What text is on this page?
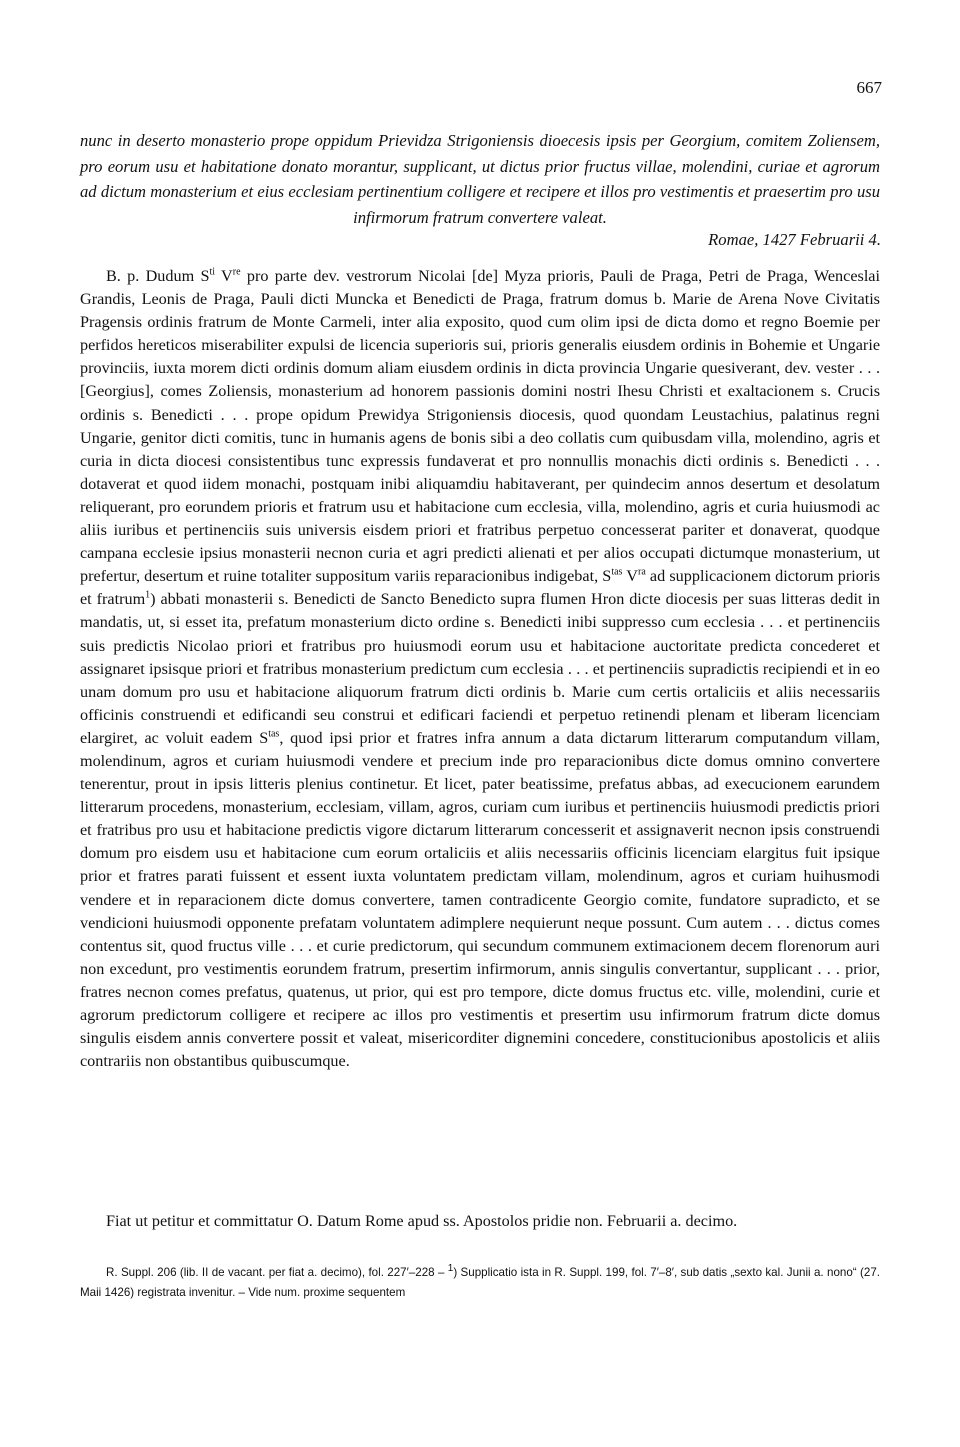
667

nunc in deserto monasterio prope oppidum Prievidza Strigoniensis dioecesis ipsis per Georgium, comitem Zoliensem, pro eorum usu et habitatione donato morantur, supplicant, ut dictus prior fructus villae, molendini, curiae et agrorum ad dictum monasterium et eius ecclesiam pertinentium colligere et recipere et illos pro vestimentis et praesertim pro usu infirmorum fratrum convertere valeat.

Romae, 1427 Februarii 4.

B. p. Dudum $S^{ti}$ Vre pro parte dev. vestrorum Nicolai [de] Myza prioris, Pauli de Praga, Petri de Praga, Wenceslai Grandis, Leonis de Praga, Pauli dicti Muncka et Benedicti de Praga, fratrum domus b. Marie de Arena Nove Civitatis Pragensis ordinis fratrum de Monte Carmeli, inter alia exposito, quod cum olim ipsi de dicta domo et regno Boemie per perfidos hereticos miserabiliter expulsi de licencia superioris sui, prioris generalis eiusdem ordinis in Bohemie et Ungarie provinciis, iuxta morem dicti ordinis domum aliam eiusdem ordinis in dicta provincia Ungarie quesiverant, dev. vester . . . [Georgius], comes Zoliensis, monasterium ad honorem passionis domini nostri Ihesu Christi et exaltacionem s. Crucis ordinis s. Benedicti . . . prope opidum Prewidya Strigoniensis diocesis, quod quondam Leustachius, palatinus regni Ungarie, genitor dicti comitis, tunc in humanis agens de bonis sibi a deo collatis cum quibusdam villa, molendino, agris et curia in dicta diocesi consistentibus tunc expressis fundaverat et pro nonnullis monachis dicti ordinis s. Benedicti . . . dotaverat et quod iidem monachi, postquam inibi aliquamdiu habitaverant, per quindecim annos desertum et desolatum reliquerant, pro eorundem prioris et fratrum usu et habitacione cum ecclesia, villa, molendino, agris et curia huiusmodi ac aliis iuribus et pertinenciis suis universis eisdem priori et fratribus perpetuo concesserat pariter et donaverat, quodque campana ecclesie ipsius monasterii necnon curia et agri predicti alienati et per alios occupati dictumque monasterium, ut prefertur, desertum et ruine totaliter suppositum variis reparacionibus indigebat, $S^{tas}$ $V^{ra}$ ad supplicacionem dictorum prioris et fratrum$^1$) abbati monasterii s. Benedicti de Sancto Benedicto supra flumen Hron dicte diocesis per suas litteras dedit in mandatis, ut, si esset ita, prefatum monasterium dicto ordine s. Benedicti inibi suppresso cum ecclesia . . . et pertinenciis suis predictis Nicolao priori et fratribus pro huiusmodi eorum usu et habitacione auctoritate predicta concederet et assignaret ipsisque priori et fratribus monasterium predictum cum ecclesia . . . et pertinenciis supradictis recipiendi et in eo unam domum pro usu et habitacione aliquorum fratrum dicti ordinis b. Marie cum certis ortaliciis et aliis necessariis officinis construendi et edificandi seu construi et edificari faciendi et perpetuo retinendi plenam et liberam licenciam elargiret, ac voluit eadem $S^{tas}$, quod ipsi prior et fratres infra annum a data dictarum litterarum computandum villam, molendinum, agros et curiam huiusmodi vendere et precium inde pro reparacionibus dicte domus omnino convertere tenerentur, prout in ipsis litteris plenius continetur. Et licet, pater beatissime, prefatus abbas, ad execucionem earundem litterarum procedens, monasterium, ecclesiam, villam, agros, curiam cum iuribus et pertinenciis huiusmodi predictis priori et fratribus pro usu et habitacione predictis vigore dictarum litterarum concesserit et assignaverit necnon ipsis construendi domum pro eisdem usu et habitacione cum eorum ortaliciis et aliis necessariis officinis licenciam elargitus fuit ipsique prior et fratres parati fuissent et essent iuxta voluntatem predictam villam, molendinum, agros et curiam huihusmodi vendere et in reparacionem dicte domus convertere, tamen contradicente Georgio comite, fundatore supradicto, et se vendicioni huiusmodi opponente prefatam voluntatem adimplere nequierunt neque possunt. Cum autem . . . dictus comes contentus sit, quod fructus ville . . . et curie predictorum, qui secundum communem extimacionem decem florenorum auri non excedunt, pro vestimentis eorundem fratrum, presertim infirmorum, annis singulis convertantur, supplicant . . . prior, fratres necnon comes prefatus, quatenus, ut prior, qui est pro tempore, dicte domus fructus etc. ville, molendini, curie et agrorum predictorum colligere et recipere ac illos pro vestimentis et presertim usu infirmorum fratrum dicte domus singulis eisdem annis convertere possit et valeat, misericorditer dignemini concedere, constitucionibus apostolicis et aliis contrariis non obstantibus quibuscumque.

Fiat ut petitur et committatur O. Datum Rome apud ss. Apostolos pridie non. Februarii a. decimo.

R. Suppl. 206 (lib. II de vacant. per fiat a. decimo), fol. 227′–228 – $^1$) Supplicatio ista in R. Suppl. 199, fol. 7′–8′, sub datis „sexto kal. Junii a. nono“ (27. Maii 1426) registrata invenitur. – Vide num. proxime sequentem
